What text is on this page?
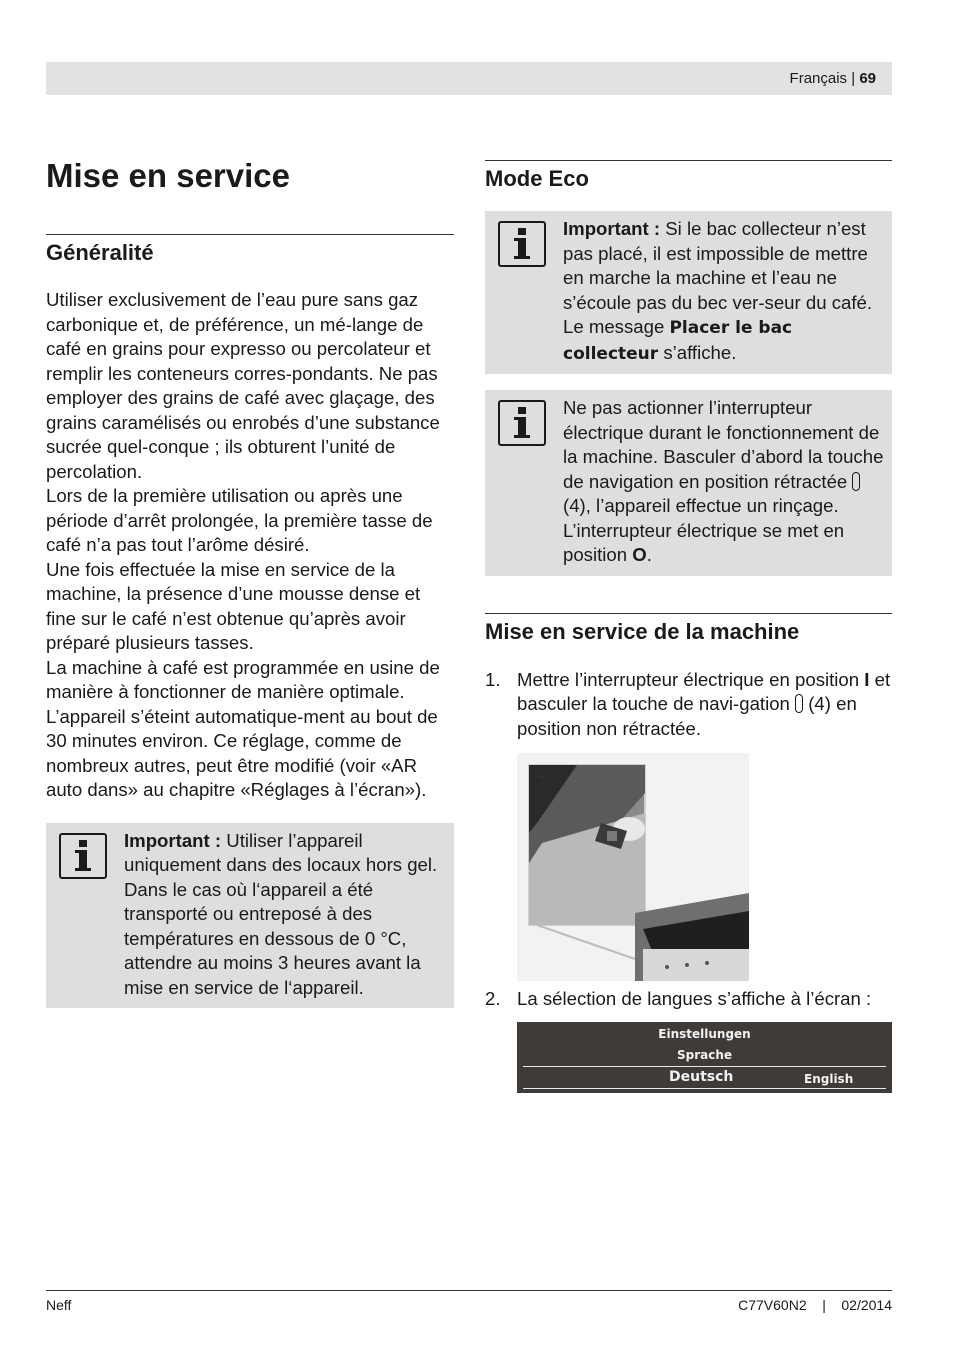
Français | 69
Mise en service
Généralité

Utiliser exclusivement de l’eau pure sans gaz carbonique et, de préférence, un mé-lange de café en grains pour expresso ou percolateur et remplir les conteneurs corres-pondants. Ne pas employer des grains de café avec glaçage, des grains caramélisés ou enrobés d’une substance sucrée quel-conque ; ils obturent l’unité de percolation.

Lors de la première utilisation ou après une période d’arrêt prolongée, la première tasse de café n’a pas tout l’arôme désiré.

Une fois effectuée la mise en service de la machine, la présence d’une mousse dense et fine sur le café n’est obtenue qu’après avoir préparé plusieurs tasses.

La machine à café est programmée en usine de manière à fonctionner de manière optimale. L’appareil s’éteint automatique-ment au bout de 30 minutes environ. Ce réglage, comme de nombreux autres, peut être modifié (voir «AR auto dans» au chapitre «Réglages à l’écran»).

Important : Utiliser l’appareil uniquement dans des locaux hors gel. Dans le cas où l‘appareil a été transporté ou entreposé à des températures en dessous de 0 °C, attendre au moins 3 heures avant la mise en service de l‘appareil.
Mode Eco
Important : Si le bac collecteur n’est pas placé, il est impossible de mettre en marche la machine et l’eau ne s’écoule pas du bec ver-seur du café. Le message Placer le bac collecteur s’affiche.
Ne pas actionner l’interrupteur électrique durant le fonctionnement de la machine. Basculer d’abord la touche de navigation en position rétractée  (4), l’appareil effectue un rinçage. L’interrupteur électrique se met en position O.
Mise en service de la machine
1. Mettre l’interrupteur électrique en position I et basculer la touche de navi-gation  (4) en position non rétractée.
7
2. La sélection de langues s’affiche à l’écran :
Einstellungen
Sprache
Deutsch	English
Neff	C77V60N2 | 02/2014
